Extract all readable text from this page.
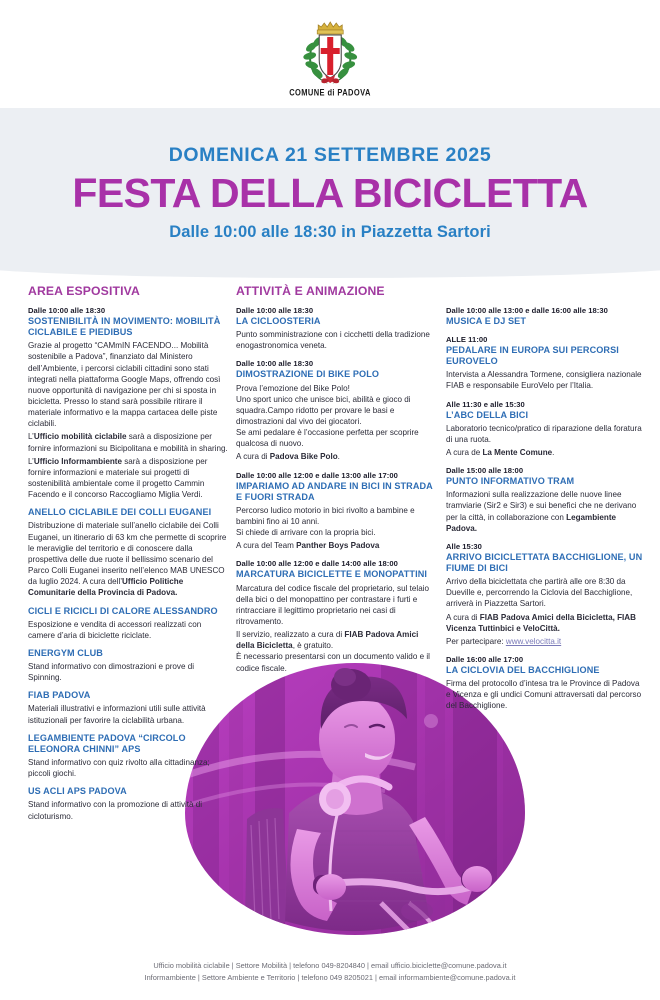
COMUNE di PADOVA
DOMENICA 21 SETTEMBRE 2025
FESTA DELLA BICICLETTA
Dalle 10:00 alle 18:30 in Piazzetta Sartori
AREA ESPOSITIVA
Dalle 10:00 alle 18:30
SOSTENIBILITÀ IN MOVIMENTO: MOBILITÀ CICLABILE E PIEDIBUS
Grazie al progetto “CAMmIN FACENDO... Mobilità sostenibile a Padova”, finanziato dal Ministero dell’Ambiente, i percorsi ciclabili cittadini sono stati integrati nella piattaforma Google Maps, offrendo così nuove opportunità di navigazione per chi si sposta in bicicletta. Presso lo stand sarà possibile ritirare il materiale informativo e la mappa cartacea delle piste ciclabili.
L’Ufficio mobilità ciclabile sarà a disposizione per fornire informazioni su Bicipolitana e mobilità in sharing.
L’Ufficio Informambiente sarà a disposizione per fornire informazioni e materiale sui progetti di sostenibilità ambientale come il progetto Cammin Facendo e il concorso Raccogliamo Miglia Verdi.
ANELLO CICLABILE DEI COLLI EUGANEI
Distribuzione di materiale sull’anello ciclabile dei Colli Euganei, un itinerario di 63 km che permette di scoprire le meraviglie del territorio e di conoscere dalla prospettiva delle due ruote il bellissimo scenario del Parco Colli Euganei inserito nell’elenco MAB UNESCO da luglio 2024. A cura dell’Ufficio Politiche Comunitarie della Provincia di Padova.
CICLI E RICICLI DI CALORE ALESSANDRO
Esposizione e vendita di accessori realizzati con camere d’aria di biciclette riciclate.
ENERGYM CLUB
Stand informativo con dimostrazioni e prove di Spinning.
FIAB PADOVA
Materiali illustrativi e informazioni utili sulle attività istituzionali per favorire la ciclabilità urbana.
LEGAMBIENTE PADOVA “CIRCOLO ELEONORA CHINNI” APS
Stand informativo con quiz rivolto alla cittadinanza; piccoli giochi.
US ACLI APS PADOVA
Stand informativo con la promozione di attività di cicloturismo.
ATTIVITÀ E ANIMAZIONE
Dalle 10:00 alle 18:30
LA CICLOOSTERIA
Punto somministrazione con i cicchetti della tradizione enogastronomica veneta.
Dalle 10:00 alle 18:30
DIMOSTRAZIONE DI BIKE POLO
Prova l’emozione del Bike Polo!
Uno sport unico che unisce bici, abilità e gioco di squadra.Campo ridotto per provare le basi e dimostrazioni dal vivo dei giocatori.
Se ami pedalare è l’occasione perfetta per scoprire qualcosa di nuovo.
A cura di Padova Bike Polo.
Dalle 10:00 alle 12:00 e dalle 13:00 alle 17:00
IMPARIAMO AD ANDARE IN BICI IN STRADA E FUORI STRADA
Percorso ludico motorio in bici rivolto a bambine e bambini fino ai 10 anni.
Si chiede di arrivare con la propria bici.
A cura del Team Panther Boys Padova
Dalle 10:00 alle 12:00 e dalle 14:00 alle 18:00
MARCATURA BICICLETTE E MONOPATTINI
Marcatura del codice fiscale del proprietario, sul telaio della bici o del monopattino per contrastare i furti e rintracciare il legittimo proprietario nei casi di ritrovamento.
Il servizio, realizzato a cura di FIAB Padova Amici della Bicicletta, è gratuito.
È necessario presentarsi con un documento valido e il codice fiscale.
Dalle 10:00 alle 13:00 e dalle 16:00 alle 18:30
MUSICA E DJ SET
ALLE 11:00
PEDALARE IN EUROPA SUI PERCORSI EUROVELO
Intervista a Alessandra Tormene, consigliera nazionale FIAB e responsabile EuroVelo per l’Italia.
Alle 11:30 e alle 15:30
L’ABC DELLA BICI
Laboratorio tecnico/pratico di riparazione della foratura di una ruota.
A cura de La Mente Comune.
Dalle 15:00 alle 18:00
PUNTO INFORMATIVO TRAM
Informazioni sulla realizzazione delle nuove linee tramviarie (Sir2 e Sir3) e sui benefici che ne derivano per la città, in collaborazione con Legambiente Padova.
Alle 15:30
ARRIVO BICICLETTATA BACCHIGLIONE, UN FIUME DI BICI
Arrivo della biciclettata che partirà alle ore 8:30 da Dueville e, percorrendo la Ciclovia del Bacchiglione, arriverà in Piazzetta Sartori.
A cura di FIAB Padova Amici della Bicicletta, FIAB Vicenza Tuttinbici e VeloCittà.
Per partecipare: www.velocitta.it
Dalle 16:00 alle 17:00
LA CICLOVIA DEL BACCHIGLIONE
Firma del protocollo d’intesa tra le Province di Padova e Vicenza e gli undici Comuni attraversati dal percorso del Bacchiglione.
Ufficio mobilità ciclabile | Settore Mobilità | telefono 049-8204840 | email ufficio.biciclette@comune.padova.it
Informambiente | Settore Ambiente e Territorio | telefono 049 8205021 | email informambiente@comune.padova.it
